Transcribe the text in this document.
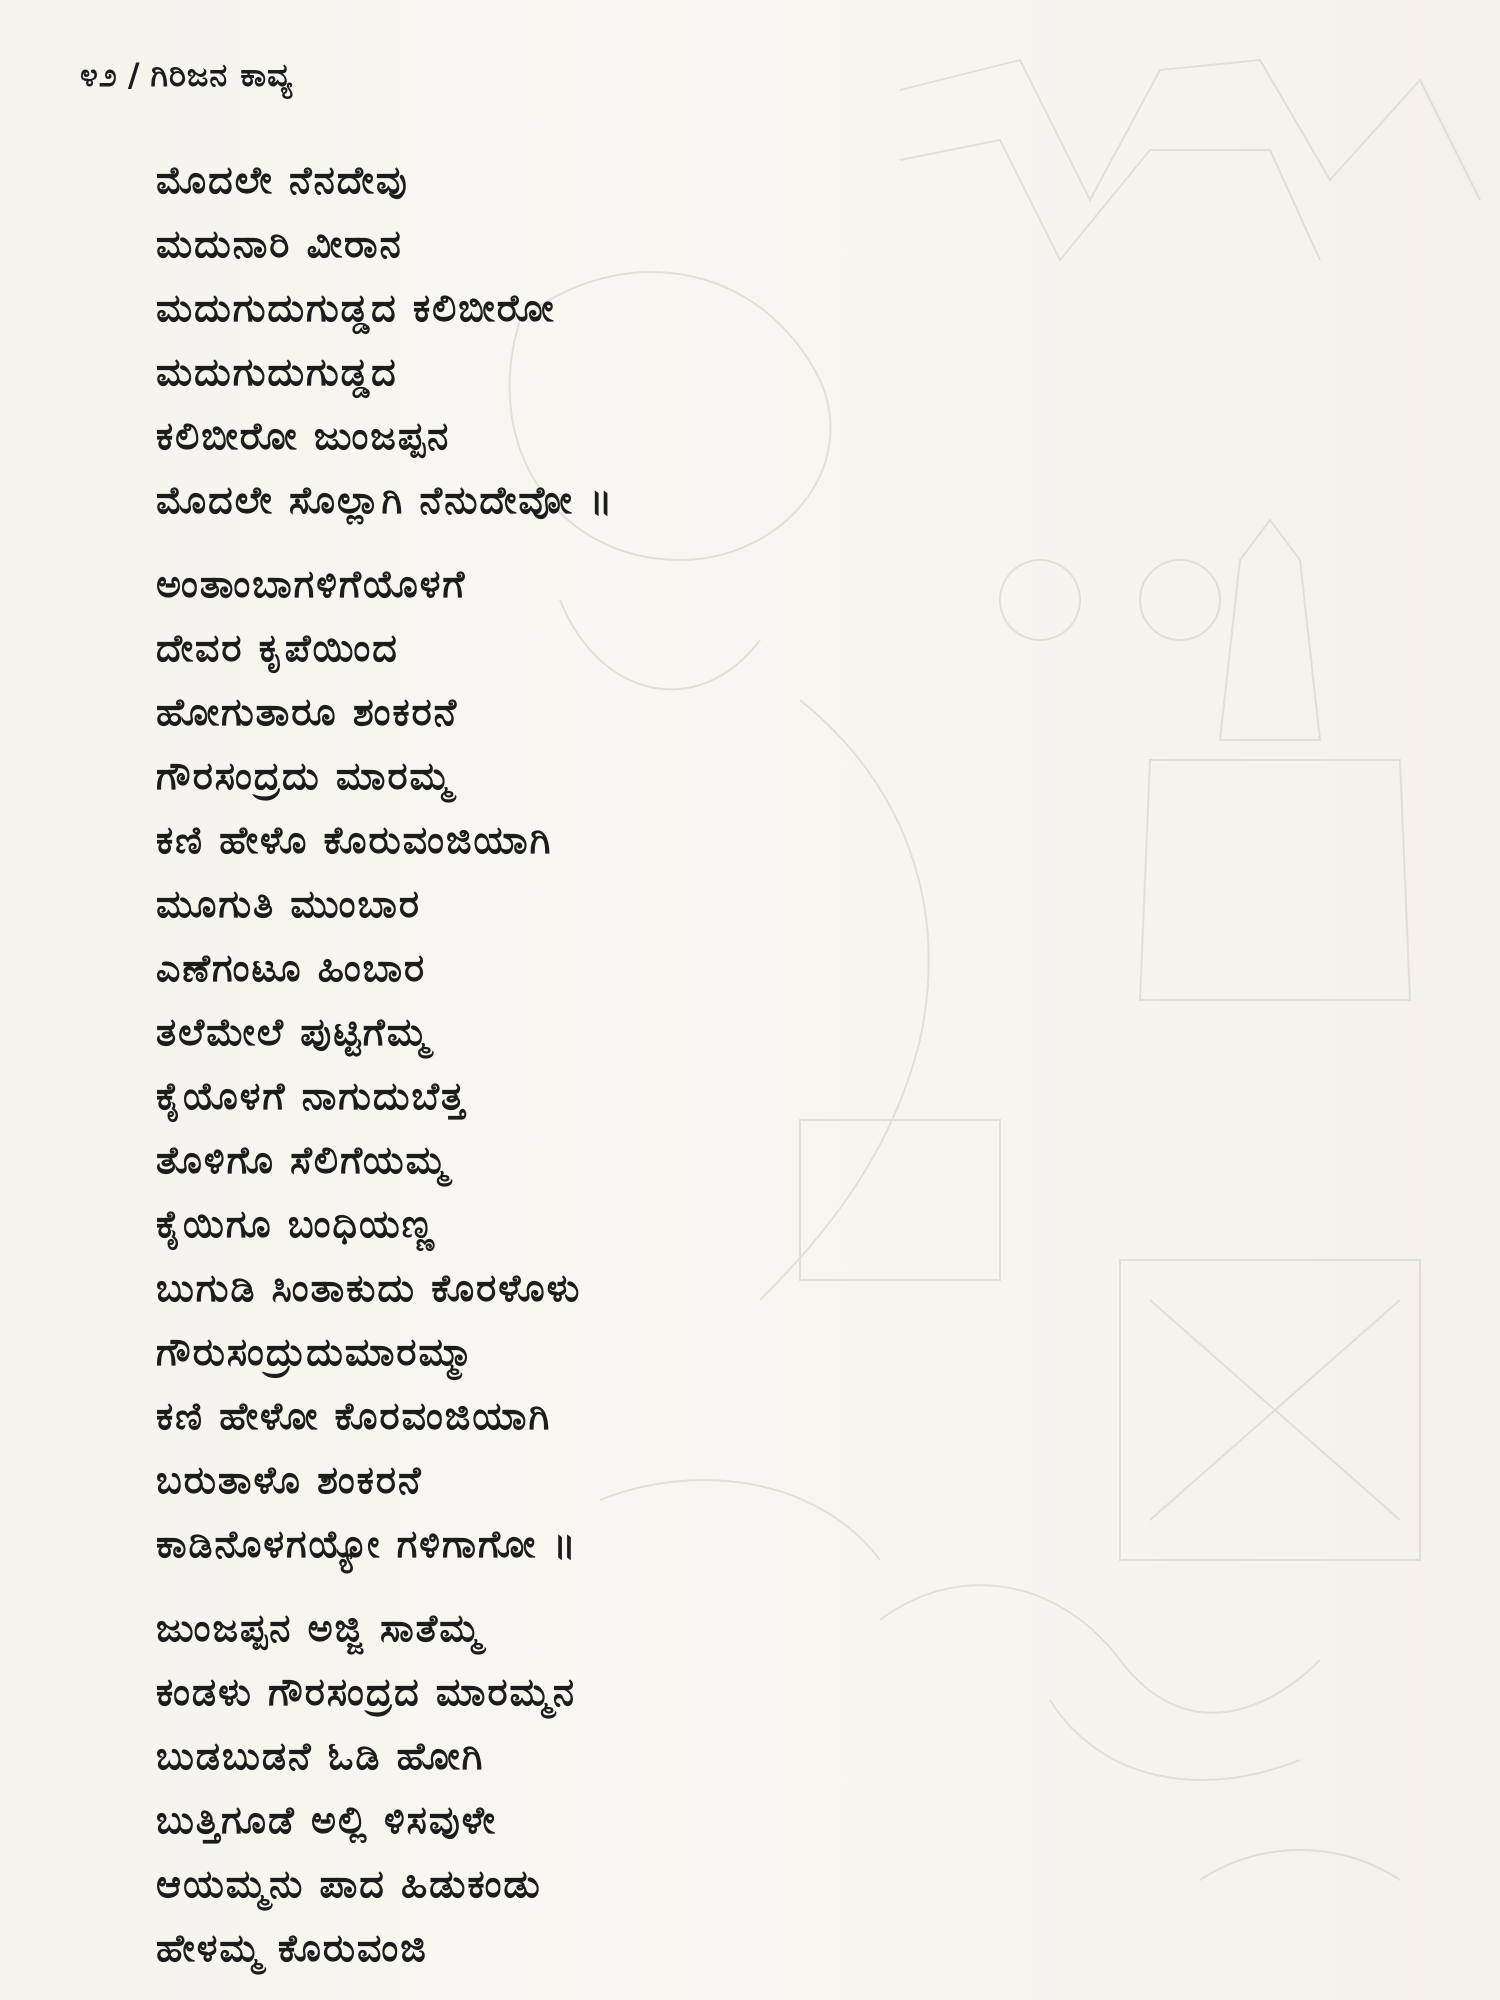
೪೨ / ಗಿರಿಜನ ಕಾವ್ಯ
ಮೊದಲೇ ನೆನದೇವು
ಮದುನಾರಿ ವೀರಾನ
ಮದುಗುದುಗುಡ್ಡದ ಕಲಿಬೀರೋ
ಮದುಗುದುಗುಡ್ಡದ
ಕಲಿಬೀರೋ ಜುಂಜಪ್ಪನ
ಮೊದಲೇ ಸೊಲ್ಲಾಗಿ ನೆನುದೇವೋ ॥
ಅಂತಾಂಬಾಗಳಿಗೆಯೊಳಗೆ
ದೇವರ ಕೃಪೆಯಿಂದ
ಹೋಗುತಾರೂ ಶಂಕರನೆ
ಗೌರಸಂದ್ರದು ಮಾರಮ್ಮ
ಕಣಿ ಹೇಳೊ ಕೊರುವಂಜಿಯಾಗಿ
ಮೂಗುತಿ ಮುಂಬಾರ
ಎಣೆಗಂಟೂ ಹಿಂಬಾರ
ತಲೆಮೇಲೆ ಪುಟ್ಟಿಗೆಮ್ಮ
ಕೈಯೊಳಗೆ ನಾಗುದುಬೆತ್ತ
ತೊಳಿಗೊ ಸೆಲಿಗೆಯಮ್ಮ
ಕೈಯಿಗೂ ಬಂಧಿಯಣ್ಣ
ಬುಗುಡಿ ಸಿಂತಾಕುದು ಕೊರಳೊಳು
ಗೌರುಸಂದ್ರುದುಮಾರಮ್ಮಾ
ಕಣಿ ಹೇಳೋ ಕೊರವಂಜಿಯಾಗಿ
ಬರುತಾಳೊ ಶಂಕರನೆ
ಕಾಡಿನೊಳಗಯ್ಯೋ ಗಳಿಗಾಗೋ ॥
ಜುಂಜಪ್ಪನ ಅಜ್ಜಿ ಸಾತೆಮ್ಮ
ಕಂಡಳು ಗೌರಸಂದ್ರದ ಮಾರಮ್ಮನ
ಬುಡಬುಡನೆ ಓಡಿ ಹೋಗಿ
ಬುತ್ತಿಗೂಡೆ ಅಲ್ಲಿ ಳಿಸವುಳೇ
ಆಯಮ್ಮನು ಪಾದ ಹಿಡುಕಂಡು
ಹೇಳಮ್ಮ ಕೊರುವಂಜಿ
